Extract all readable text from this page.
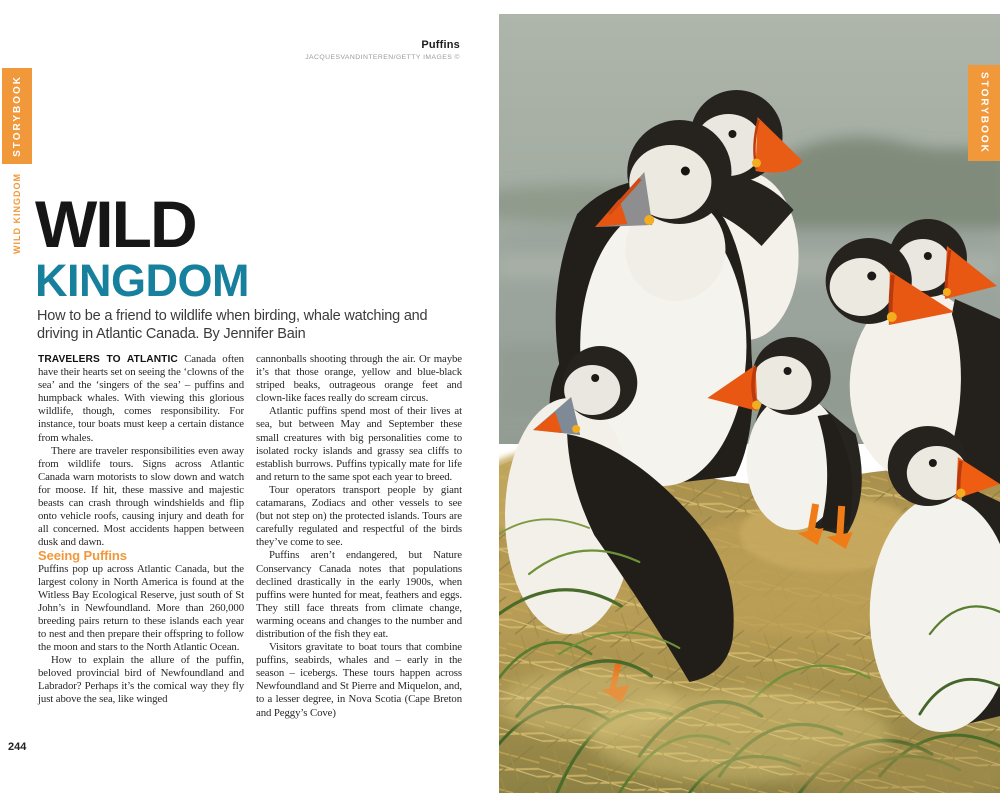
STORYBOOK
WILD KINGDOM
STORYBOOK
Puffins
JACQUESVANDINTEREN/GETTY IMAGES ©
WILD
KINGDOM
How to be a friend to wildlife when birding, whale watching and driving in Atlantic Canada. By Jennifer Bain

TRAVELERS TO ATLANTIC Canada often have their hearts set on seeing the ‘clowns of the sea’ and the ‘singers of the sea’ – puffins and humpback whales. With viewing this glorious wildlife, though, comes responsibility. For instance, tour boats must keep a certain distance from whales.

There are traveler responsibilities even away from wildlife tours. Signs across Atlantic Canada warn motorists to slow down and watch for moose. If hit, these massive and majestic beasts can crash through windshields and flip onto vehicle roofs, causing injury and death for all concerned. Most accidents happen between dusk and dawn.

Seeing Puffins

Puffins pop up across Atlantic Canada, but the largest colony in North America is found at the Witless Bay Ecological Reserve, just south of St John’s in Newfoundland. More than 260,000 breeding pairs return to these islands each year to nest and then prepare their offspring to follow the moon and stars to the North Atlantic Ocean.

How to explain the allure of the puffin, beloved provincial bird of Newfoundland and Labrador? Perhaps it’s the comical way they fly just above the sea, like winged

cannonballs shooting through the air. Or maybe it’s that those orange, yellow and blue-black striped beaks, outrageous orange feet and clown-like faces really do scream circus.

Atlantic puffins spend most of their lives at sea, but between May and September these small creatures with big personalities come to isolated rocky islands and grassy sea cliffs to establish burrows. Puffins typically mate for life and return to the same spot each year to breed.

Tour operators transport people by giant catamarans, Zodiacs and other vessels to see (but not step on) the protected islands. Tours are carefully regulated and respectful of the birds they’ve come to see.

Puffins aren’t endangered, but Nature Conservancy Canada notes that populations declined drastically in the early 1900s, when puffins were hunted for meat, feathers and eggs. They still face threats from climate change, warming oceans and changes to the number and distribution of the fish they eat.

Visitors gravitate to boat tours that combine puffins, seabirds, whales and – early in the season – icebergs. These tours happen across Newfoundland and St Pierre and Miquelon, and, to a lesser degree, in Nova Scotia (Cape Breton and Peggy’s Cove)

244
